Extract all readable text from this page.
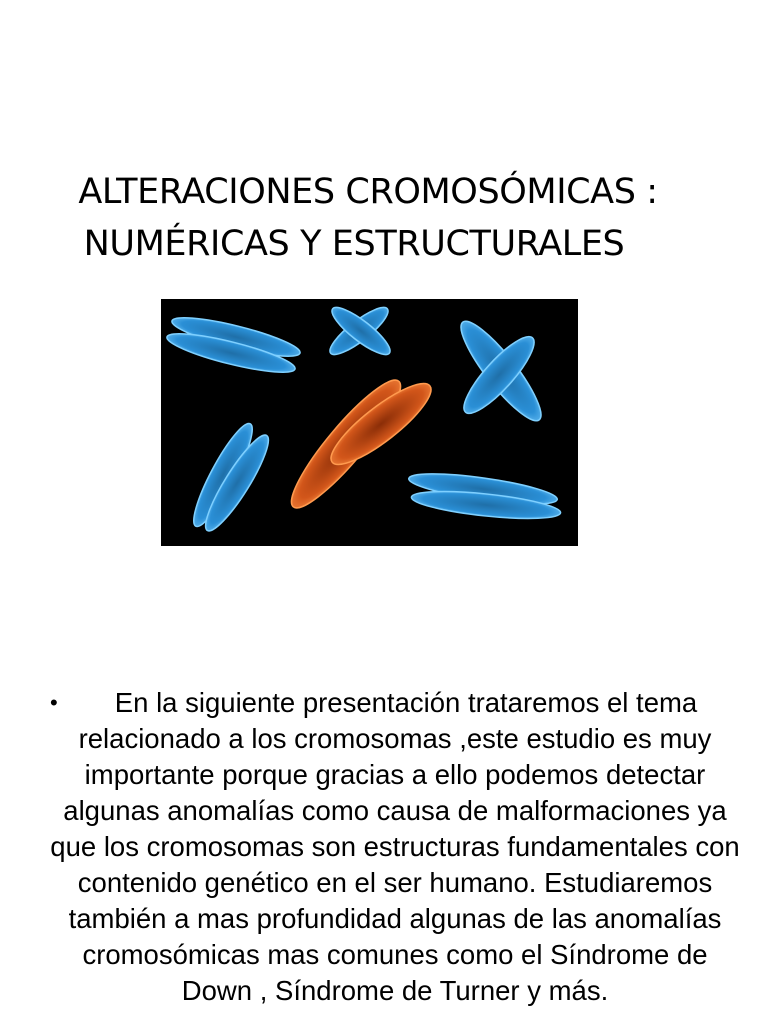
ALTERACIONES CROMOSÓMICAS :
NUMÉRICAS Y ESTRUCTURALES
•	En la siguiente presentación trataremos el tema relacionado a los cromosomas ,este estudio es muy importante porque gracias a ello podemos detectar algunas anomalías como causa de malformaciones ya que los cromosomas son estructuras fundamentales con contenido genético en el ser humano. Estudiaremos también a mas profundidad algunas de las anomalías cromosómicas mas comunes como el Síndrome de Down , Síndrome de Turner y más.
